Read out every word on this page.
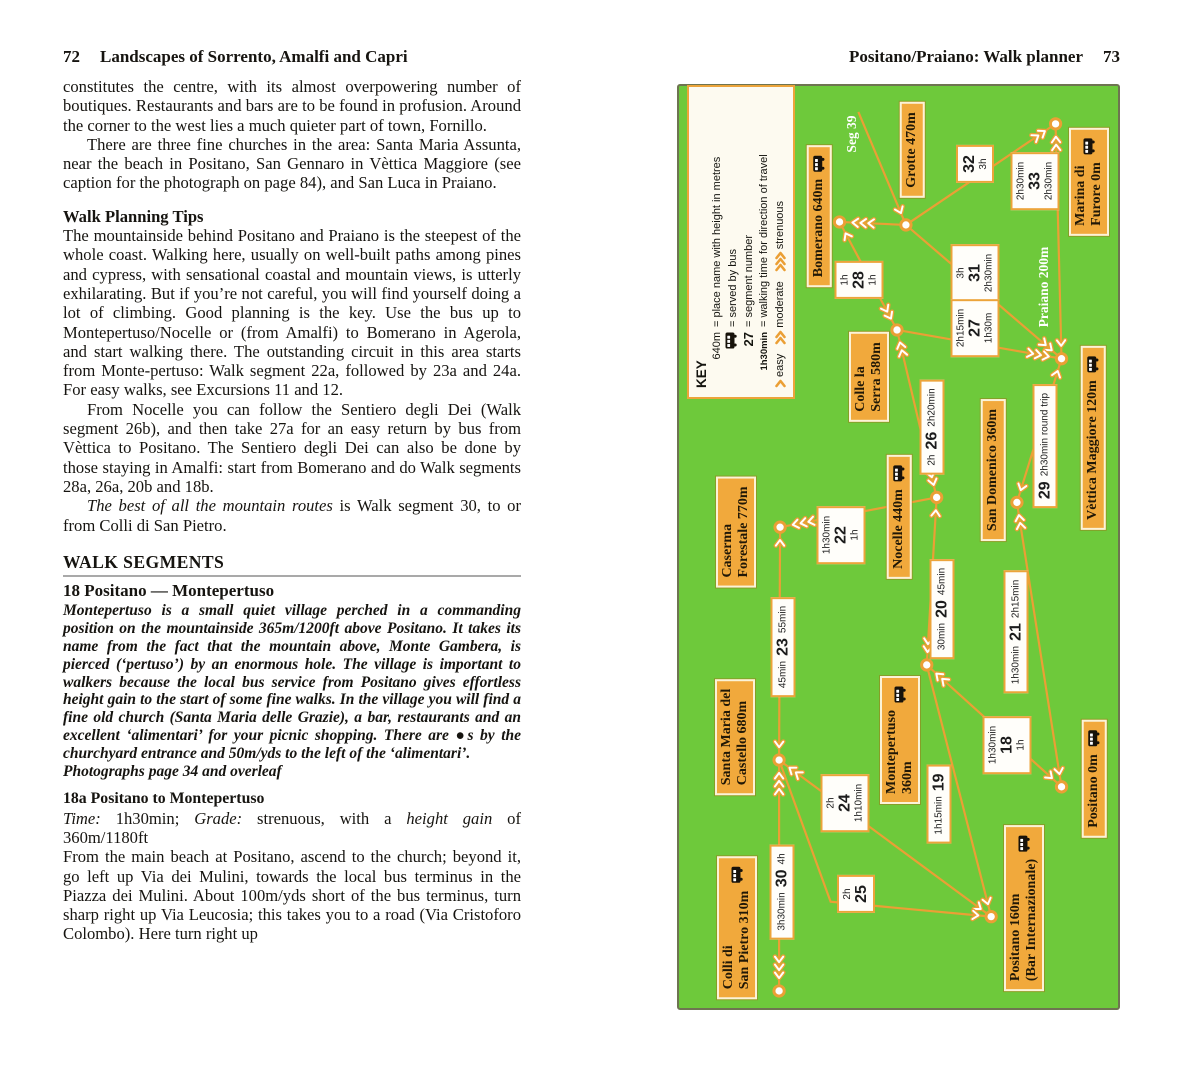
72 Landscapes of Sorrento, Amalfi and Capri	Positano/Praiano: Walk planner 73
constitutes the centre, with its almost overpowering number of boutiques. Restaurants and bars are to be found in profusion. Around the corner to the west lies a much quieter part of town, Fornillo.
There are three fine churches in the area: Santa Maria Assunta, near the beach in Positano, San Gennaro in Vèttica Maggiore (see caption for the photograph on page 84), and San Luca in Praiano.
Walk Planning Tips
The mountainside behind Positano and Praiano is the steepest of the whole coast. Walking here, usually on well-built paths among pines and cypress, with sensational coastal and mountain views, is utterly exhilarating. But if you’re not careful, you will find yourself doing a lot of climbing. Good planning is the key. Use the bus up to Montepertuso/Nocelle or (from Amalfi) to Bomerano in Agerola, and start walking there. The outstanding circuit in this area starts from Monte-pertuso: Walk segment 22a, followed by 23a and 24a. For easy walks, see Excursions 11 and 12.
From Nocelle you can follow the Sentiero degli Dei (Walk segment 26b), and then take 27a for an easy return by bus from Vèttica to Positano. The Sentiero degli Dei can also be done by those staying in Amalfi: start from Bomerano and do Walk segments 28a, 26a, 20b and 18b.
The best of all the mountain routes is Walk segment 30, to or from Colli di San Pietro.
WALK SEGMENTS
18 Positano — Montepertuso
Montepertuso is a small quiet village perched in a commanding position on the mountainside 365m/1200ft above Positano. It takes its name from the fact that the mountain above, Monte Gambera, is pierced (‘pertuso’) by an enormous hole. The village is important to walkers because the local bus service from Positano gives effortless height gain to the start of some fine walks. In the village you will find a fine old church (Santa Maria delle Grazie), a bar, restaurants and an excellent ‘alimentari’ for your picnic shopping. There are ●s by the churchyard entrance and 50m/yds to the left of the ‘alimentari’.
Photographs page 34 and overleaf
18a Positano to Montepertuso
Time: 1h30min; Grade: strenuous, with a height gain of 360m/1180ft
From the main beach at Positano, ascend to the church; beyond it, go left up Via dei Mulini, towards the local bus terminus in the Piazza dei Mulini. About 100m/yds short of the bus terminus, turn sharp right up Via Leucosia; this takes you to a road (Via Cristoforo Colombo). Here turn right up
Bomerano 640m
Grotte 470m
Marina di Furore 0m
Colle la Serra 580m
Caserma Forestale 770m	Nocelle 440m	San Domenico 360m	Vèttica Maggiore 120m
Montepertuso 360m
Santa Maria del Castello 680m
Positano 160m (Bar Internazionale)
Positano 0m
Colli di San Pietro 310m
1h 28 1h
32 3h	2h30min 33 2h30min
3h 31 2h30min
2h15min 27 1h30m
2h
26
2h20min
29
2h30min round trip
1h30min 22 1h
30min
20
45min
45min
23
55min
1h30min
21
2h15min
1h30min 18 1h
1h15min
19
2h 24 1h10min
2h 25
3h30min
30
4h
Seg 39
Praiano 200m
KEY
640m
= place name with height in metres = served by bus
27
= segment number
1h30min
= walking time for direction of travel
easy
moderate
strenuous
